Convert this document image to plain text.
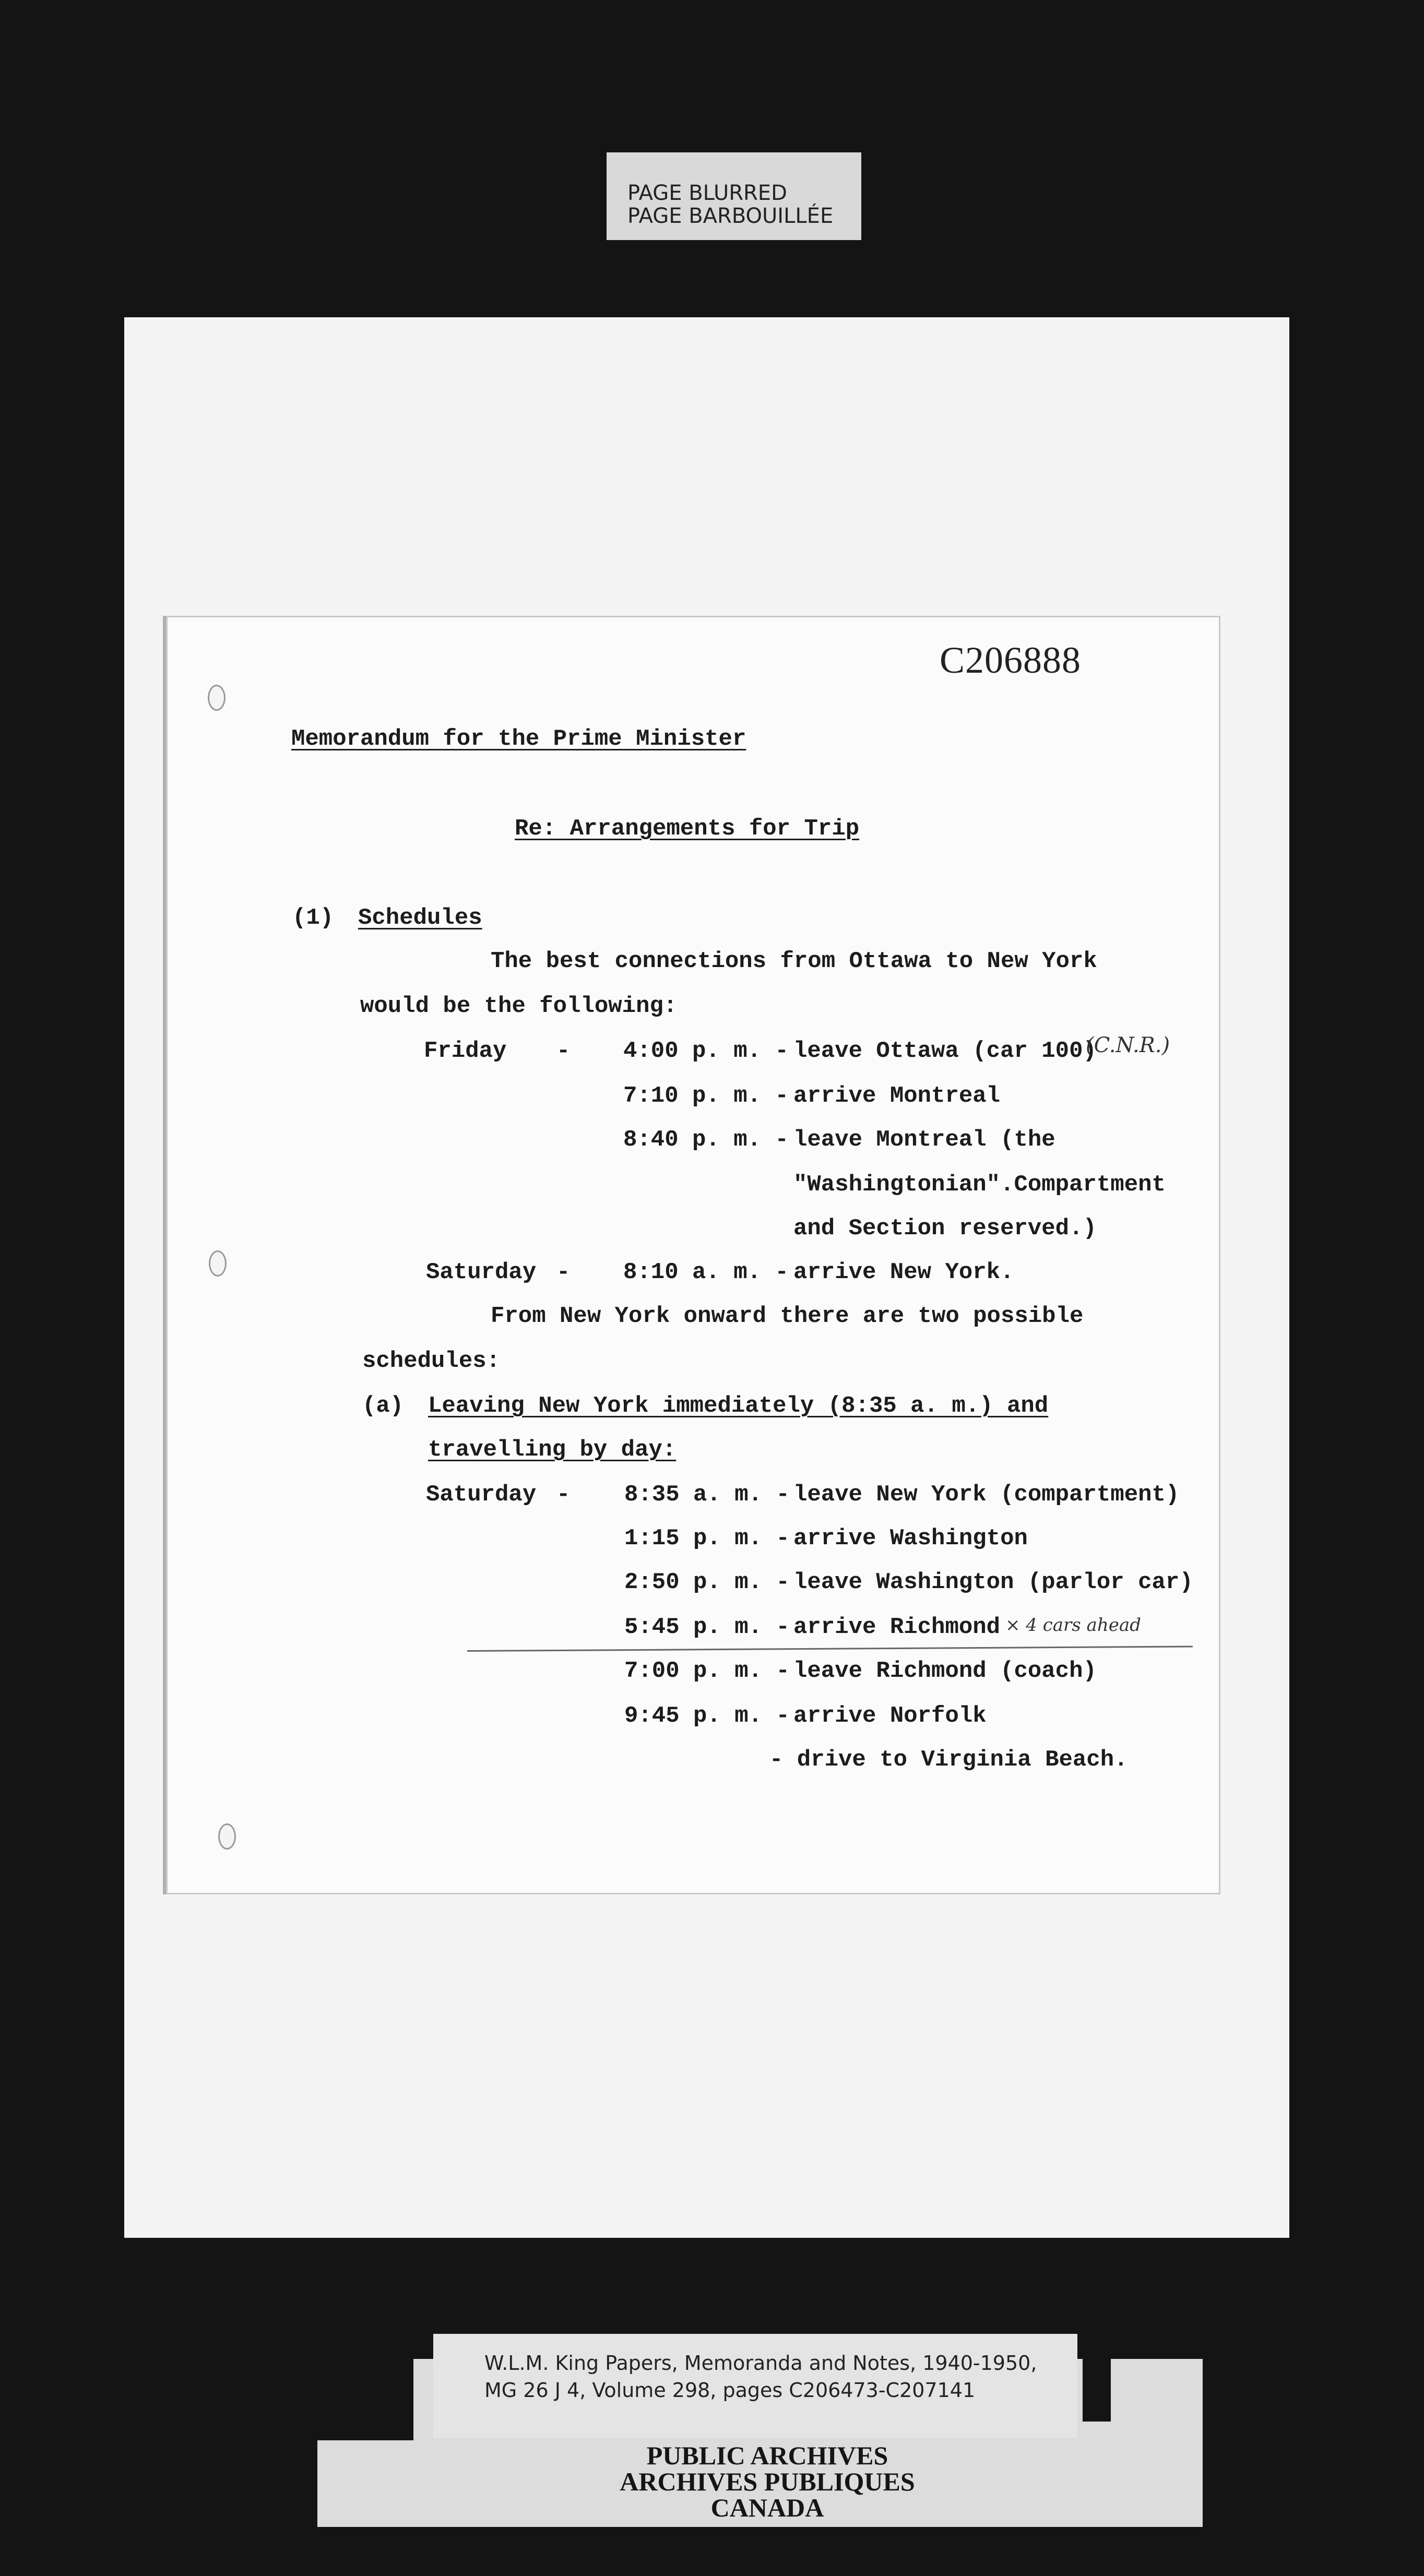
PAGE BLURRED
PAGE BARBOUILLÉE
C206888
Memorandum for the Prime Minister
Re: Arrangements for Trip
(1) Schedules
The best connections from Ottawa to New York
would be the following:
Friday - 4:00 p. m. - leave Ottawa (car 100)
(C.N.R.)
7:10 p. m. - arrive Montreal
8:40 p. m. - leave Montreal (the
"Washingtonian".Compartment
and Section reserved.)
Saturday - 8:10 a. m. - arrive New York.
From New York onward there are two possible
schedules:
(a) Leaving New York immediately (8:35 a. m.) and
travelling by day:
Saturday - 8:35 a. m. - leave New York (compartment)
1:15 p. m. - arrive Washington
2:50 p. m. - leave Washington (parlor car)
5:45 p. m. - arrive Richmond × 4 cars ahead
7:00 p. m. - leave Richmond (coach)
9:45 p. m. - arrive Norfolk
- drive to Virginia Beach.
W.L.M. King Papers, Memoranda and Notes, 1940-1950,
MG 26 J 4, Volume 298, pages C206473-C207141
PUBLIC ARCHIVES
ARCHIVES PUBLIQUES
CANADA
